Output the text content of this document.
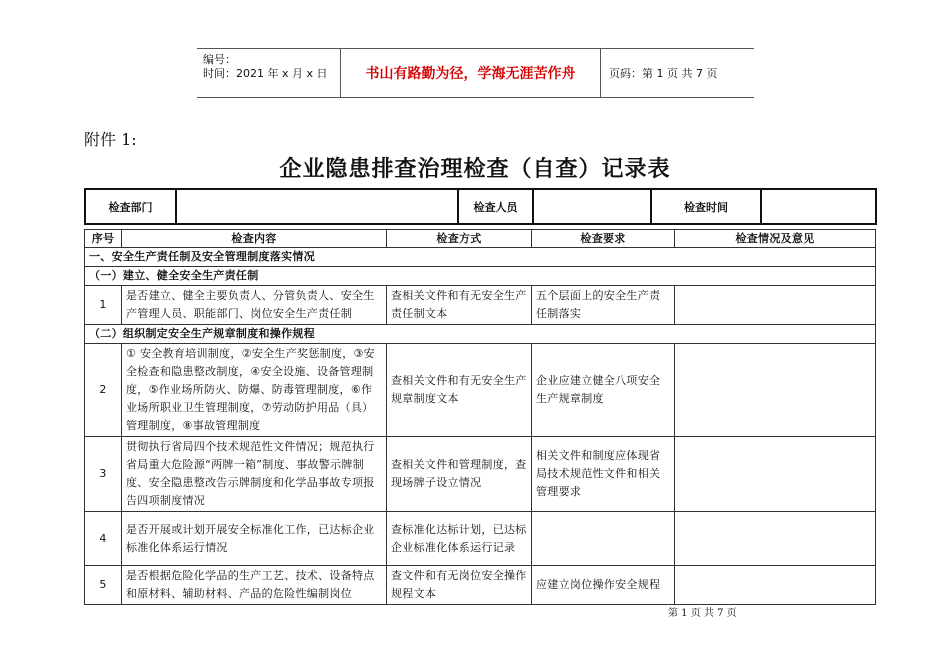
编号：
时间：2021 年 x 月 x 日	书山有路勤为径，学海无涯苦作舟	页码：第 1 页 共 7 页
附件 1:
企业隐患排查治理检查（自查）记录表
检查部门		检查人员		检查时间	
序号	检查内容	检查方式	检查要求	检查情况及意见
一、安全生产责任制及安全管理制度落实情况				
（一）建立、健全安全生产责任制				
1	是否建立、健全主要负责人、分管负责人、安全生产管理人员、职能部门、岗位安全生产责任制	查相关文件和有无安全生产责任制文本	五个层面上的安全生产责任制落实	
（二）组织制定安全生产规章制度和操作规程				
2	① 安全教育培训制度，②安全生产奖惩制度，③安全检查和隐患整改制度，④安全设施、设备管理制度，⑤作业场所防火、防爆、防毒管理制度，⑥作业场所职业卫生管理制度，⑦劳动防护用品（具）管理制度，⑧事故管理制度	查相关文件和有无安全生产规章制度文本	企业应建立健全八项安全生产规章制度	
3	贯彻执行省局四个技术规范性文件情况；规范执行省局重大危险源“两牌一箱”制度、事故警示牌制度、安全隐患整改告示牌制度和化学品事故专项报告四项制度情况	查相关文件和管理制度，查现场牌子设立情况	相关文件和制度应体现省局技术规范性文件和相关管理要求	
4	是否开展或计划开展安全标准化工作，已达标企业标准化体系运行情况	查标准化达标计划，已达标企业标准化体系运行记录		
5	是否根据危险化学品的生产工艺、技术、设备特点和原材料、辅助材料、产品的危险性编制岗位	查文件和有无岗位安全操作规程文本	应建立岗位操作安全规程	
第 1 页 共 7 页
